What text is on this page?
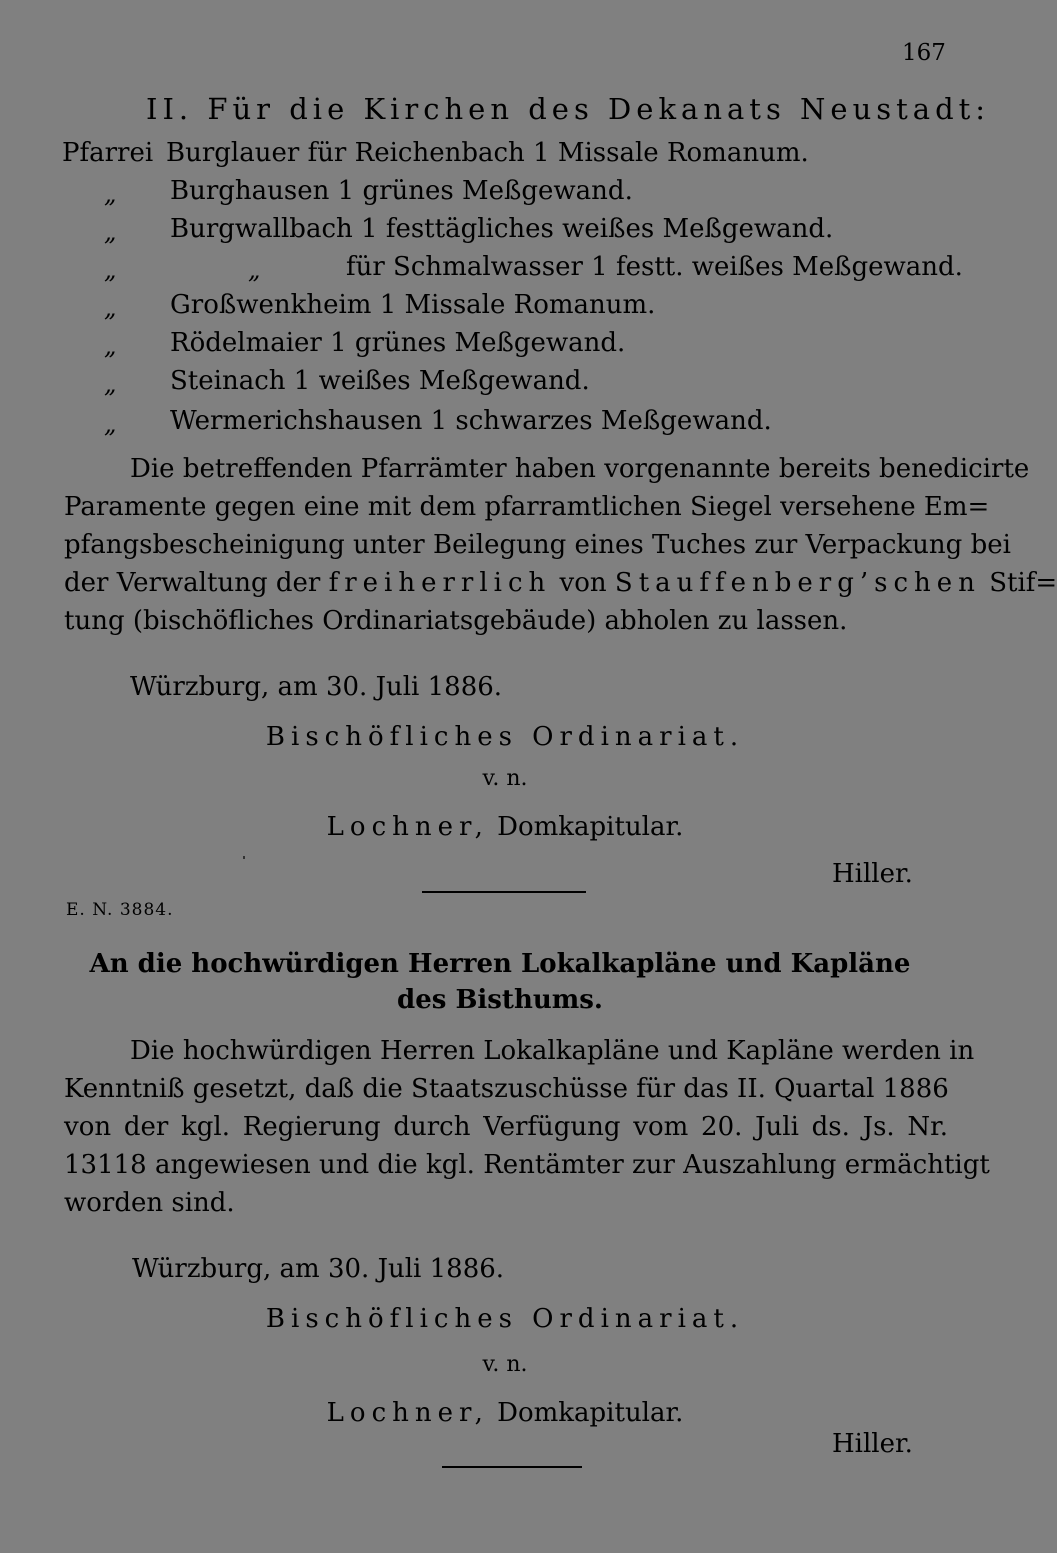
167
II. Für die Kirchen des Dekanats Neustadt:
Pfarrei Burglauer für Reichenbach 1 Missale Romanum.
„ Burghausen 1 grünes Meßgewand.
„ Burgwallbach 1 festtägliches weißes Meßgewand.
„	„	für Schmalwasser 1 festt. weißes Meßgewand.
„ Großwenkheim 1 Missale Romanum.
„ Rödelmaier 1 grünes Meßgewand.
„ Steinach 1 weißes Meßgewand.
„ Wermerichshausen 1 schwarzes Meßgewand.
Die betreffenden Pfarrämter haben vorgenannte bereits benedicirte
Paramente gegen eine mit dem pfarramtlichen Siegel versehene Em=
pfangsbescheinigung unter Beilegung eines Tuches zur Verpackung bei
der Verwaltung der freiherrlich von Stauffenberg’schen Stif=
tung (bischöfliches Ordinariatsgebäude) abholen zu lassen.
Würzburg, am 30. Juli 1886.
Bischöfliches Ordinariat.
v. n.
Lochner, Domkapitular.
Hiller.
E. N. 3884.
An die hochwürdigen Herren Lokalkapläne und Kapläne
des Bisthums.
Die hochwürdigen Herren Lokalkapläne und Kapläne werden in
Kenntniß gesetzt, daß die Staatszuschüsse für das II. Quartal 1886
von der kgl. Regierung durch Verfügung vom 20. Juli ds. Js. Nr.
13118 angewiesen und die kgl. Rentämter zur Auszahlung ermächtigt
worden sind.
Würzburg, am 30. Juli 1886.
Bischöfliches Ordinariat.
v. n.
Lochner, Domkapitular.
Hiller.
